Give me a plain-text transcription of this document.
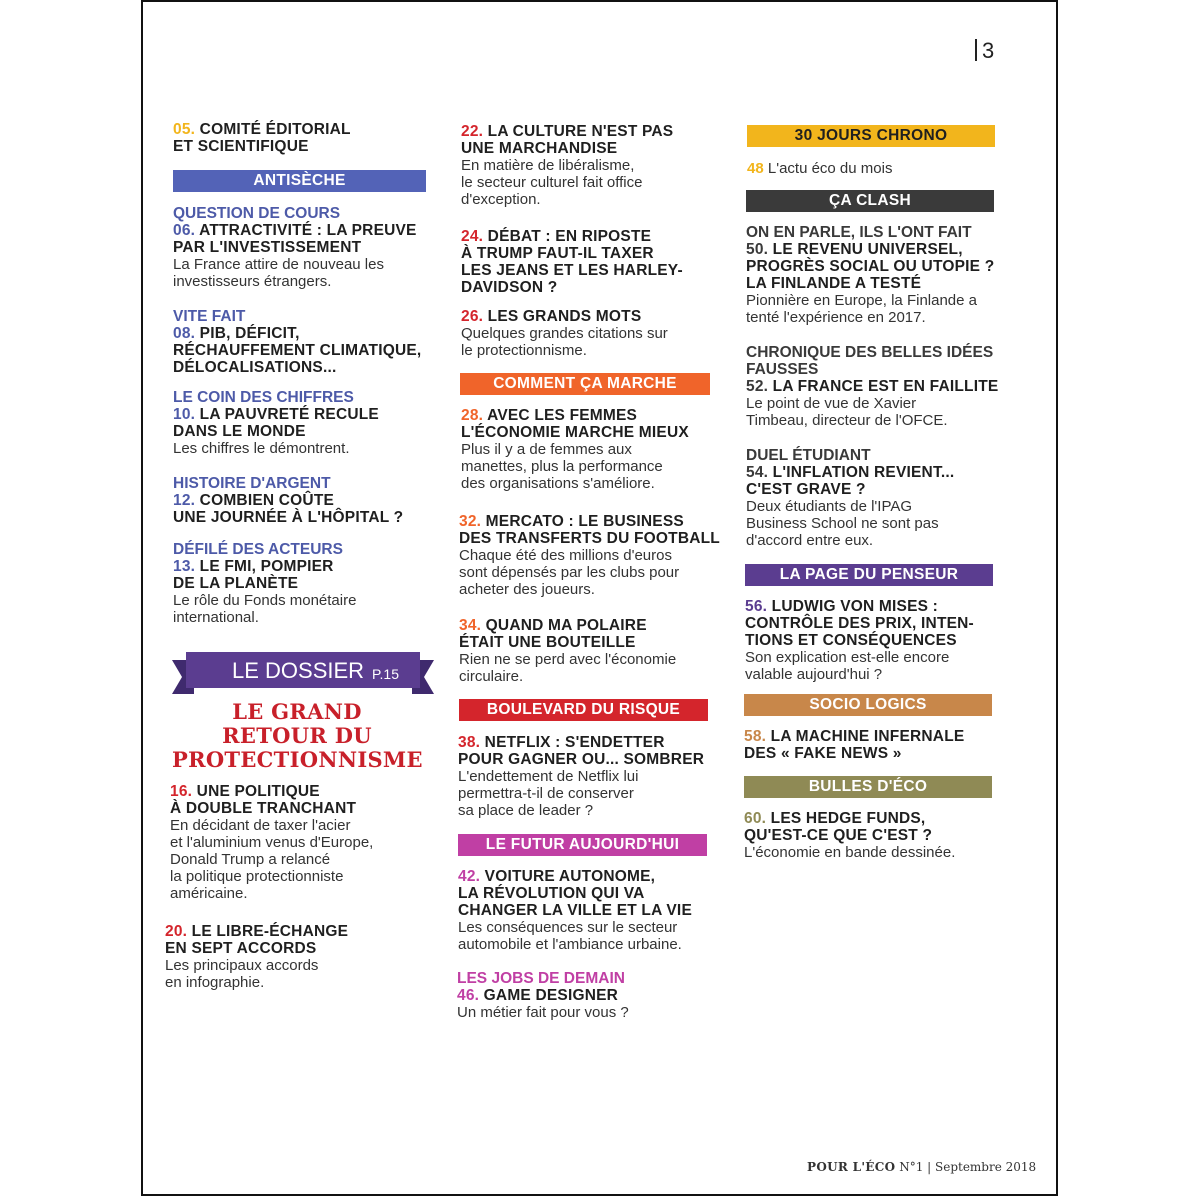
3
05. COMITÉ ÉDITORIAL
ET SCIENTIFIQUE
ANTISÈCHE
QUESTION DE COURS
06. ATTRACTIVITÉ : LA PREUVE
PAR L'INVESTISSEMENT
La France attire de nouveau les
investisseurs étrangers.
VITE FAIT
08. PIB, DÉFICIT,
RÉCHAUFFEMENT CLIMATIQUE,
DÉLOCALISATIONS...
LE COIN DES CHIFFRES
10. LA PAUVRETÉ RECULE
DANS LE MONDE
Les chiffres le démontrent.
HISTOIRE D'ARGENT
12. COMBIEN COÛTE
UNE JOURNÉE À L'HÔPITAL ?
DÉFILÉ DES ACTEURS
13. LE FMI, POMPIER
DE LA PLANÈTE
Le rôle du Fonds monétaire
international.
LE DOSSIER P.15
LE GRAND
RETOUR DU
PROTECTIONNISME
16. UNE POLITIQUE
À DOUBLE TRANCHANT
En décidant de taxer l'acier
et l'aluminium venus d'Europe,
Donald Trump a relancé
la politique protectionniste
américaine.
20. LE LIBRE-ÉCHANGE
EN SEPT ACCORDS
Les principaux accords
en infographie.
22. LA CULTURE N'EST PAS
UNE MARCHANDISE
En matière de libéralisme,
le secteur culturel fait office
d'exception.
24. DÉBAT : EN RIPOSTE
À TRUMP FAUT-IL TAXER
LES JEANS ET LES HARLEY-
DAVIDSON ?
26. LES GRANDS MOTS
Quelques grandes citations sur
le protectionnisme.
COMMENT ÇA MARCHE
28. AVEC LES FEMMES
L'ÉCONOMIE MARCHE MIEUX
Plus il y a de femmes aux
manettes, plus la performance
des organisations s'améliore.
32. MERCATO : LE BUSINESS
DES TRANSFERTS DU FOOTBALL
Chaque été des millions d'euros
sont dépensés par les clubs pour
acheter des joueurs.
34. QUAND MA POLAIRE
ÉTAIT UNE BOUTEILLE
Rien ne se perd avec l'économie
circulaire.
BOULEVARD DU RISQUE
38. NETFLIX : S'ENDETTER
POUR GAGNER OU... SOMBRER
L'endettement de Netflix lui
permettra-t-il de conserver
sa place de leader ?
LE FUTUR AUJOURD'HUI
42. VOITURE AUTONOME,
LA RÉVOLUTION QUI VA
CHANGER LA VILLE ET LA VIE
Les conséquences sur le secteur
automobile et l'ambiance urbaine.
LES JOBS DE DEMAIN
46. GAME DESIGNER
Un métier fait pour vous ?
30 JOURS CHRONO
48 L'actu éco du mois
ÇA CLASH
ON EN PARLE, ILS L'ONT FAIT
50. LE REVENU UNIVERSEL,
PROGRÈS SOCIAL OU UTOPIE ?
LA FINLANDE A TESTÉ
Pionnière en Europe, la Finlande a
tenté l'expérience en 2017.
CHRONIQUE DES BELLES IDÉES
FAUSSES
52. LA FRANCE EST EN FAILLITE
Le point de vue de Xavier
Timbeau, directeur de l'OFCE.
DUEL ÉTUDIANT
54. L'INFLATION REVIENT...
C'EST GRAVE ?
Deux étudiants de l'IPAG
Business School ne sont pas
d'accord entre eux.
LA PAGE DU PENSEUR
56. LUDWIG VON MISES :
CONTRÔLE DES PRIX, INTEN-
TIONS ET CONSÉQUENCES
Son explication est-elle encore
valable aujourd'hui ?
SOCIO LOGICS
58. LA MACHINE INFERNALE
DES « FAKE NEWS »
BULLES D'ÉCO
60. LES HEDGE FUNDS,
QU'EST-CE QUE C'EST ?
L'économie en bande dessinée.
POUR L'ÉCO N°1 | Septembre 2018
